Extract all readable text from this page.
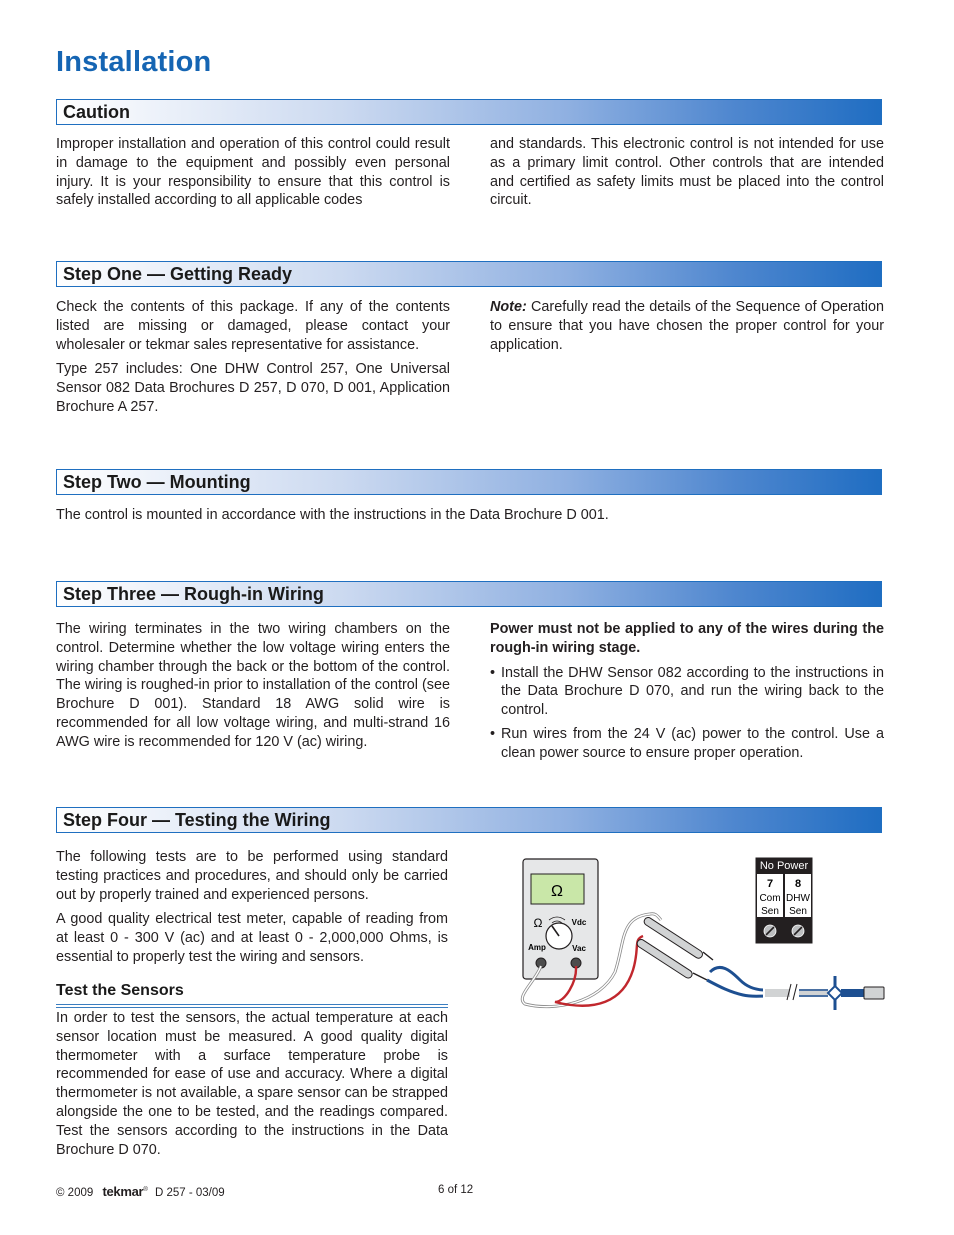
Installation
Caution

Improper installation and operation of this control could result in damage to the equipment and possibly even personal injury. It is your responsibility to ensure that this control is safely installed according to all applicable codes

and standards. This electronic control is not intended for use as a primary limit control. Other controls that are intended and certified as safety limits must be placed into the control circuit.

Step One — Getting Ready

Check the contents of this package. If any of the contents listed are missing or damaged, please contact your wholesaler or tekmar sales representative for assistance.

Type 257 includes: One DHW Control 257, One Universal Sensor 082 Data Brochures D 257, D 070, D 001, Application Brochure A 257.

Note: Carefully read the details of the Sequence of Operation to ensure that you have chosen the proper control for your application.

Step Two — Mounting

The control is mounted in accordance with the instructions in the Data Brochure D 001.

Step Three — Rough-in Wiring

The wiring terminates in the two wiring chambers on the control. Determine whether the low voltage wiring enters the wiring chamber through the back or the bottom of the control. The wiring is roughed-in prior to installation of the control (see Brochure D 001). Standard 18 AWG solid wire is recommended for all low voltage wiring, and multi-strand 16 AWG wire is recommended for 120 V (ac) wiring.

Power must not be applied to any of the wires during the rough-in wiring stage.

• Install the DHW Sensor 082 according to the instructions in the Data Brochure D 070, and run the wiring back to the control.
• Run wires from the 24 V (ac) power to the control. Use a clean power source to ensure proper operation.
Step Four — Testing the Wiring

The following tests are to be performed using standard testing practices and procedures, and should only be carried out by properly trained and experienced persons.

A good quality electrical test meter, capable of reading from at least 0 - 300 V (ac) and at least 0 - 2,000,000 Ohms, is essential to properly test the wiring and sensors.

Test the Sensors

In order to test the sensors, the actual temperature at each sensor location must be measured. A good quality digital thermometer with a surface temperature probe is recommended for ease of use and accuracy. Where a digital thermometer is not available, a spare sensor can be strapped alongside the one to be tested, and the readings compared. Test the sensors according to the instructions in the Data Brochure D 070.

Ω
Ω	Vdc
Amp	Vac
No Power
7
Com
Sen
8
DHW
Sen
© 2009 tekmar® D 257 - 03/09	6 of 12
